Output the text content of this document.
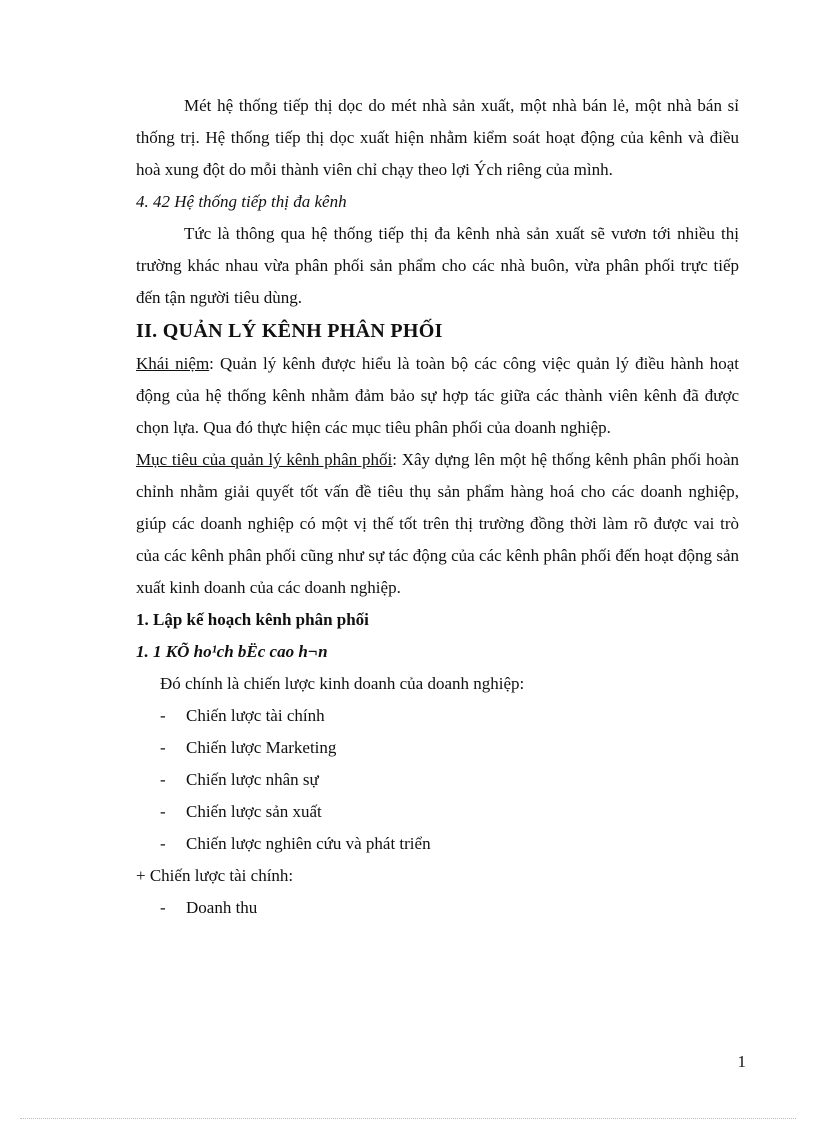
Mét hệ thống tiếp thị dọc do mét nhà sản xuất, một nhà bán lẻ, một nhà bán sỉ thống trị. Hệ thống tiếp thị dọc xuất hiện nhằm kiểm soát hoạt động của kênh và điều hoà xung đột do mỗi thành viên chỉ chạy theo lợi Ých riêng của mình.

4. 42 Hệ thống tiếp thị đa kênh

Tức là thông qua hệ thống tiếp thị đa kênh nhà sản xuất sẽ vươn tới nhiều thị trường khác nhau vừa phân phối sản phẩm cho các nhà buôn, vừa phân phối trực tiếp đến tận người tiêu dùng.

II. QUẢN LÝ KÊNH PHÂN PHỐI

Khái niệm: Quản lý kênh được hiểu là toàn bộ các công việc quản lý điều hành hoạt động của hệ thống kênh nhằm đảm bảo sự hợp tác giữa các thành viên kênh đã được chọn lựa. Qua đó thực hiện các mục tiêu phân phối của doanh nghiệp.

Mục tiêu của quản lý kênh phân phối: Xây dựng lên một hệ thống kênh phân phối hoàn chỉnh nhằm giải quyết tốt vấn đề tiêu thụ sản phẩm hàng hoá cho các doanh nghiệp, giúp các doanh nghiệp có một vị thế tốt trên thị trường đồng thời làm rõ được vai trò của các kênh phân phối cũng như sự tác động của các kênh phân phối đến hoạt động sản xuất kinh doanh của các doanh nghiệp.

1. Lập kế hoạch kênh phân phối

1. 1 KÕ ho¹ch bËc cao h¬n

Đó chính là chiến lược kinh doanh của doanh nghiệp:

- Chiến lược tài chính
- Chiến lược Marketing
- Chiến lược nhân sự
- Chiến lược sản xuất
- Chiến lược nghiên cứu và phát triển

+ Chiến lược tài chính:

- Doanh thu
1
